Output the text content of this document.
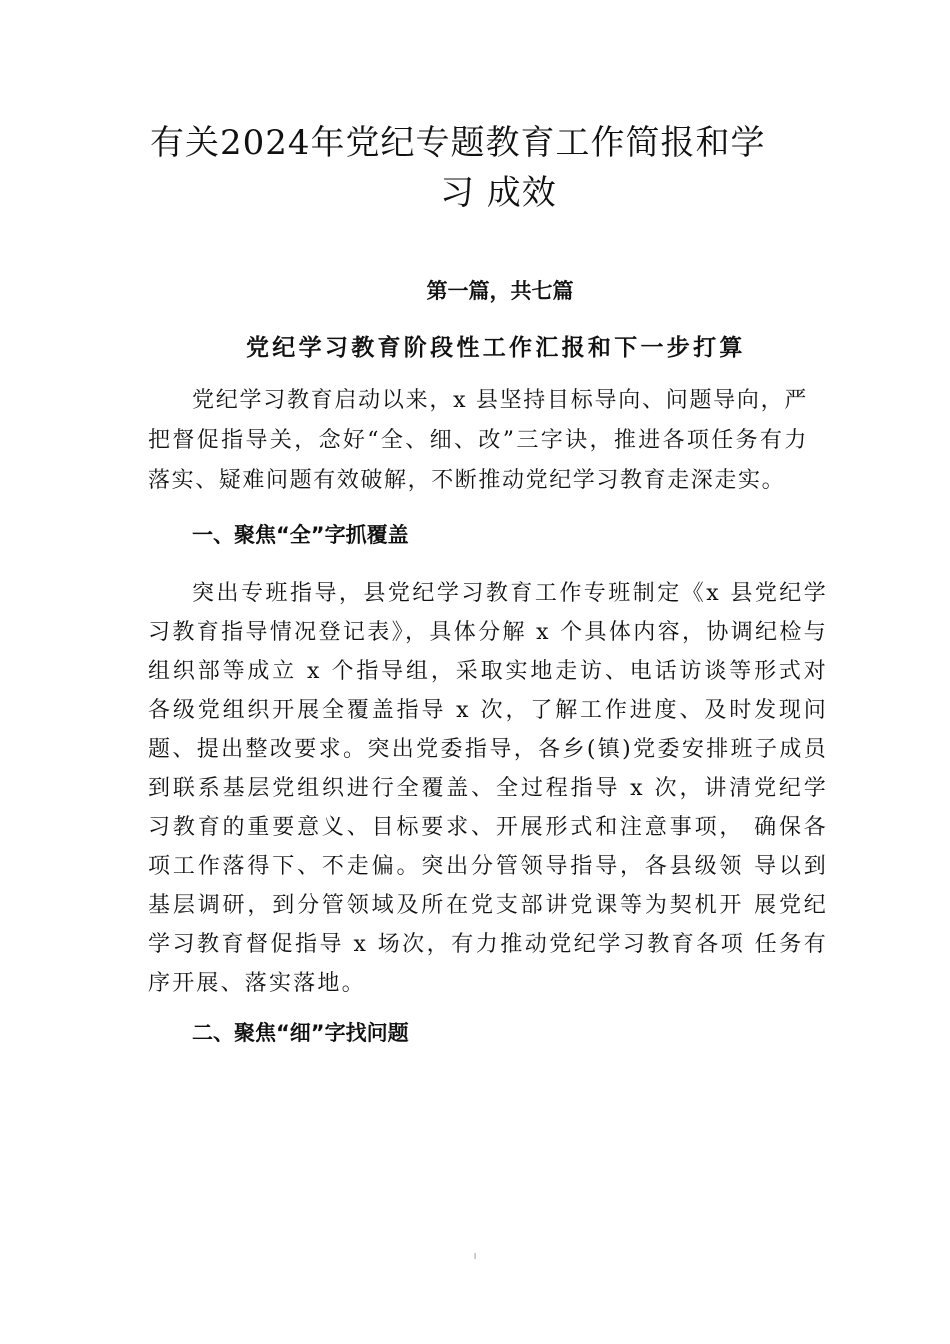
有关2024年党纪专题教育工作简报和学
习 成效
第一篇，共七篇
党纪学习教育阶段性工作汇报和下一步打算

党纪学习教育启动以来，x 县坚持目标导向、问题导向，严把督促指导关，念好“全、细、改”三字诀，推进各项任务有力落实、疑难问题有效破解，不断推动党纪学习教育走深走实。

一、聚焦“全”字抓覆盖

突出专班指导，县党纪学习教育工作专班制定《x 县党纪学习教育指导情况登记表》，具体分解 x 个具体内容，协调纪检与组织部等成立 x 个指导组，采取实地走访、电话访谈等形式对各级党组织开展全覆盖指导 x 次，了解工作进度、及时发现问题、提出整改要求。突出党委指导，各乡(镇)党委安排班子成员到联系基层党组织进行全覆盖、全过程指导 x 次，讲清党纪学习教育的重要意义、目标要求、开展形式和注意事项， 确保各项工作落得下、不走偏。突出分管领导指导，各县级领 导以到基层调研，到分管领域及所在党支部讲党课等为契机开 展党纪学习教育督促指导 x 场次，有力推动党纪学习教育各项 任务有序开展、落实落地。

二、聚焦“细”字找问题
I
